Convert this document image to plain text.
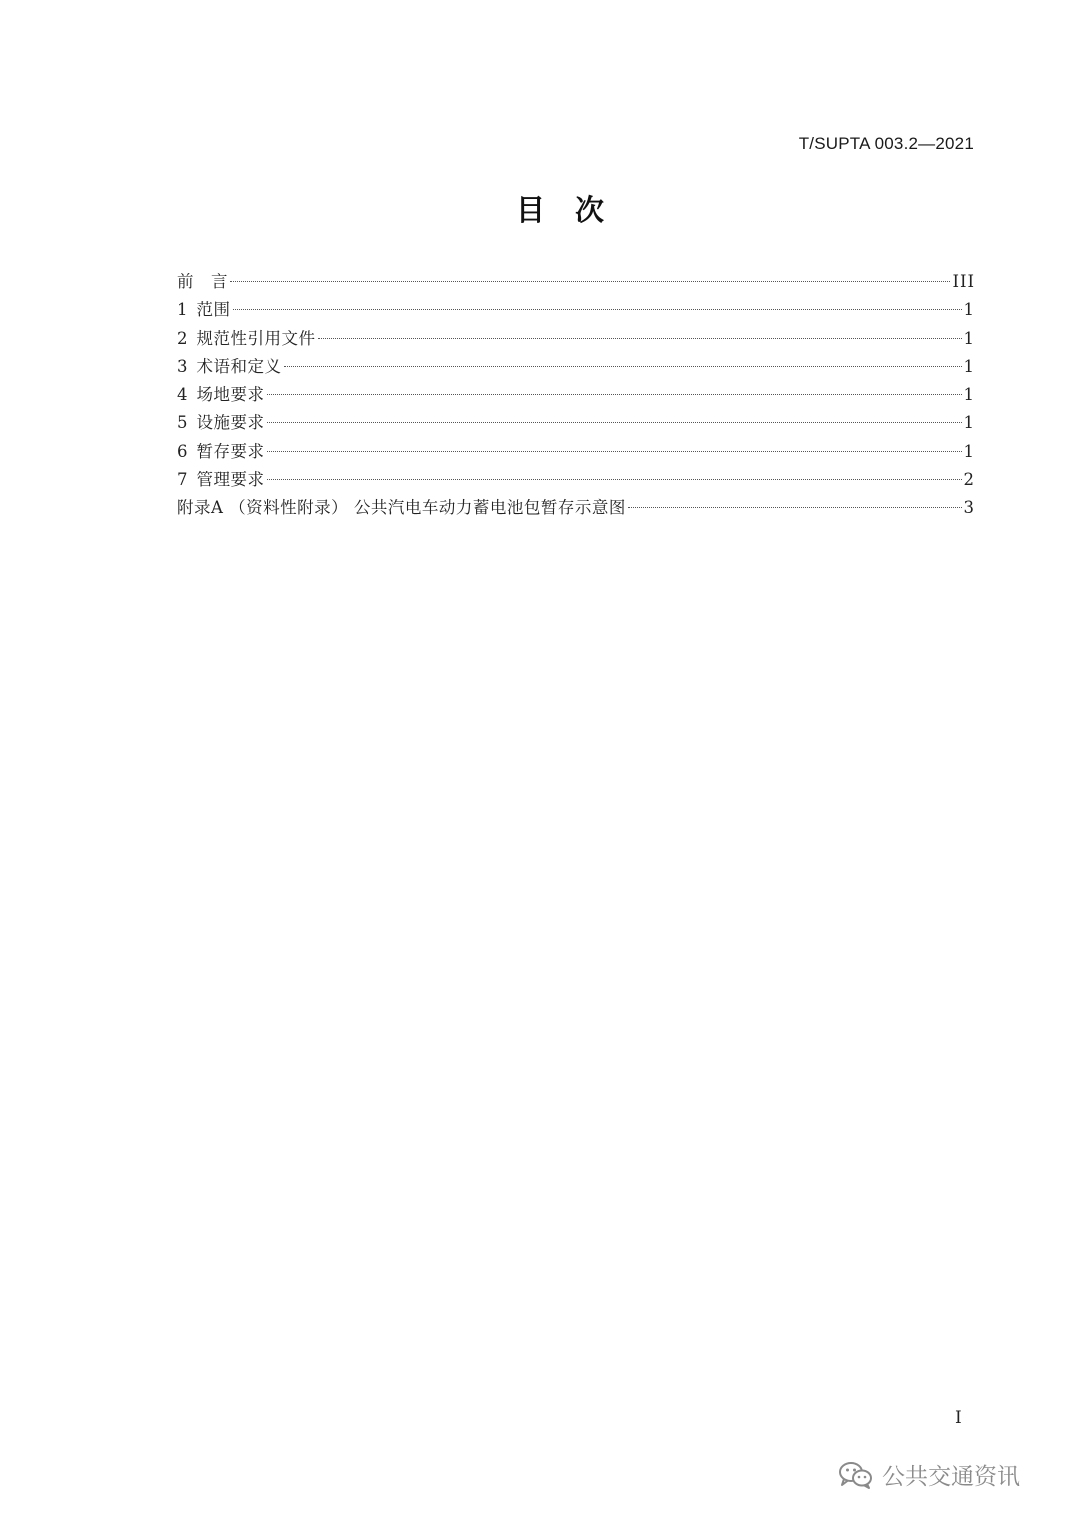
T/SUPTA 003.2—2021
目次
前　言	III
1 范围	1
2 规范性引用文件	1
3 术语和定义	1
4 场地要求	1
5 设施要求	1
6 暂存要求	1
7 管理要求	2
附录A （资料性附录） 公共汽电车动力蓄电池包暂存示意图	3
I
公共交通资讯
